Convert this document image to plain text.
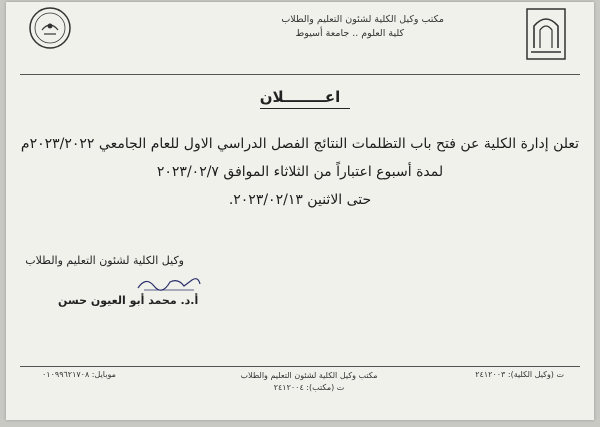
مكتب وكيل الكلية لشئون التعليم والطلاب
كلية العلوم .. جامعة أسيوط
اعــــــــلان
تعلن إدارة الكلية عن فتح باب التظلمات النتائج الفصل الدراسي الاول للعام الجامعي ٢٠٢٣/٢٠٢٢م
لمدة أسبوع اعتباراً من الثلاثاء الموافق ٢٠٢٣/٠٢/٧
حتى الاثنين ٢٠٢٣/٠٢/١٣.
وكيل الكلية لشئون التعليم والطلاب
أ.د. محمد أبو العيون حسن
ت (وكيل الكلية): ٢٤١٢٠٠٣
مكتب وكيل الكلية لشئون التعليم والطلاب
ت (مكتب): ٢٤١٢٠٠٤
موبايل: ٠١٠٩٩٦٢١٧٠٨
